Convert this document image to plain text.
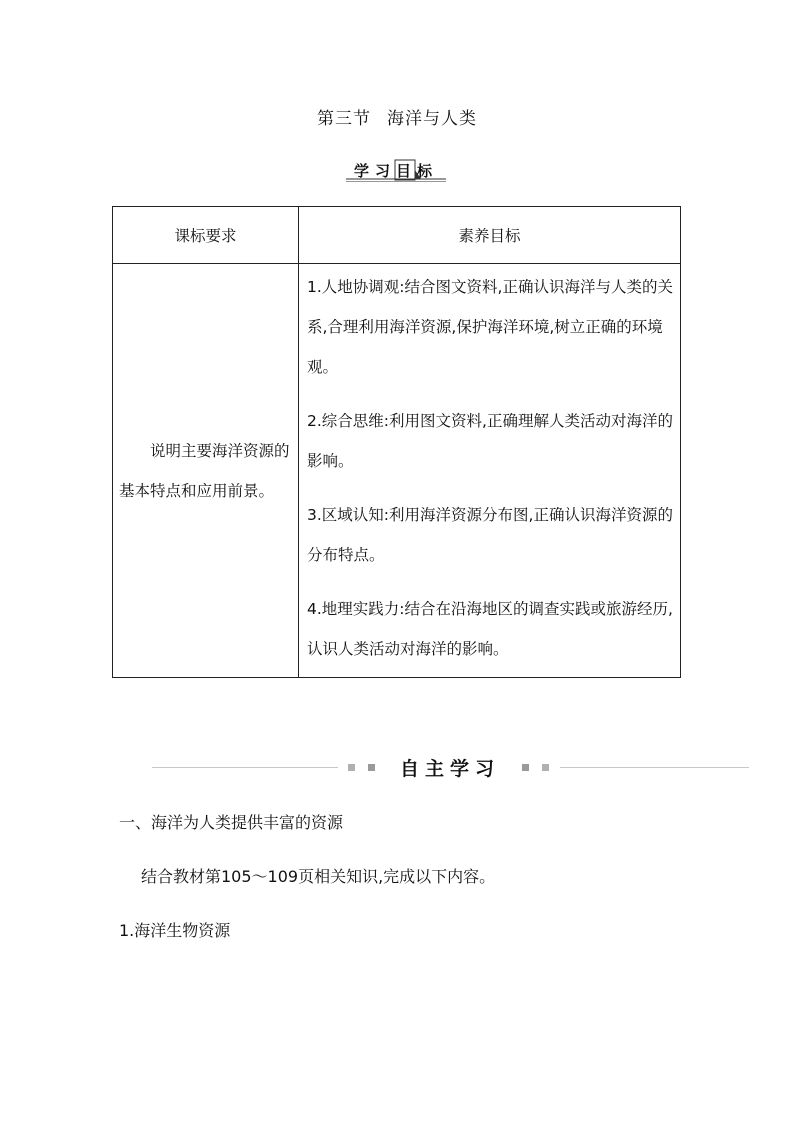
第三节 海洋与人类
学习目标
课标要求	素养目标
说明主要海洋资源的基本特点和应用前景。	1.人地协调观:结合图文资料,正确认识海洋与人类的关系,合理利用海洋资源,保护海洋环境,树立正确的环境观。

2.综合思维:利用图文资料,正确理解人类活动对海洋的影响。

3.区域认知:利用海洋资源分布图,正确认识海洋资源的分布特点。

4.地理实践力:结合在沿海地区的调查实践或旅游经历,认识人类活动对海洋的影响。

自主学习
一、海洋为人类提供丰富的资源
结合教材第105～109页相关知识,完成以下内容。
1.海洋生物资源
